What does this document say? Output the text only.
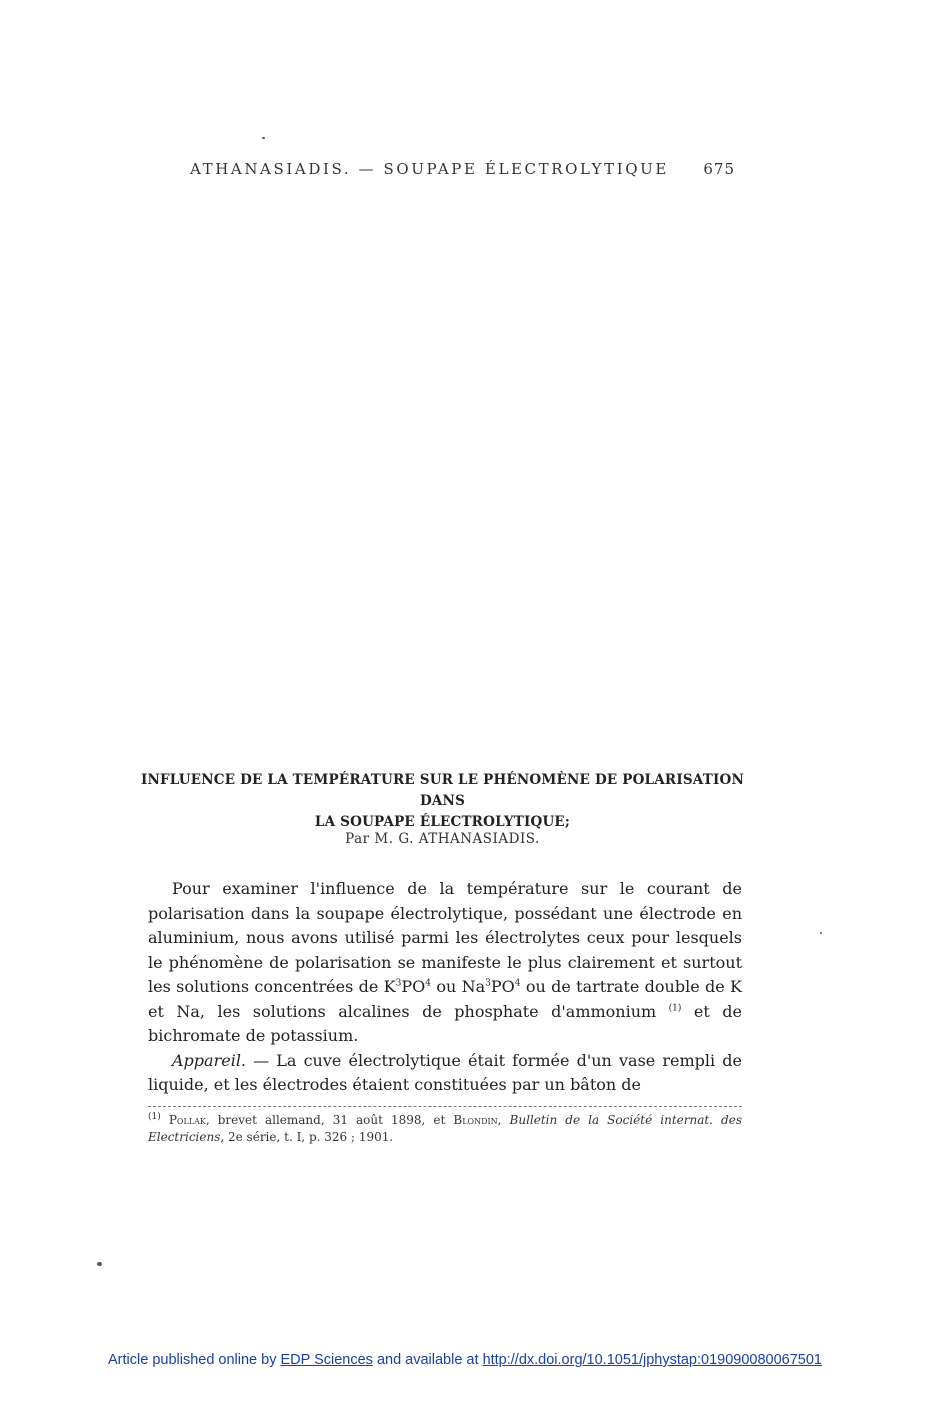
ATHANASIADIS. — SOUPAPE ÉLECTROLYTIQUE 675
INFLUENCE DE LA TEMPÉRATURE SUR LE PHÉNOMÈNE DE POLARISATION DANS
LA SOUPAPE ÉLECTROLYTIQUE;
Par M. G. ATHANASIADIS.

Pour examiner l'influence de la température sur le courant de polarisation dans la soupape électrolytique, possédant une électrode en aluminium, nous avons utilisé parmi les électrolytes ceux pour lesquels le phénomène de polarisation se manifeste le plus clairement et surtout les solutions concentrées de $K^3PO^4$ ou $Na^3PO^4$ ou de tartrate double de K et Na, les solutions alcalines de phosphate d'ammonium $^{(1)}$ et de bichromate de potassium.

Appareil. — La cuve électrolytique était formée d'un vase rempli de liquide, et les électrodes étaient constituées par un bâton de

$^{(1)}$ Pollak, brevet allemand, 31 août 1898, et Blondin, Bulletin de la Société internat. des Electriciens, 2e série, t. I, p. 326 ; 1901.
Article published online by EDP Sciences and available at http://dx.doi.org/10.1051/jphystap:019090080067501
